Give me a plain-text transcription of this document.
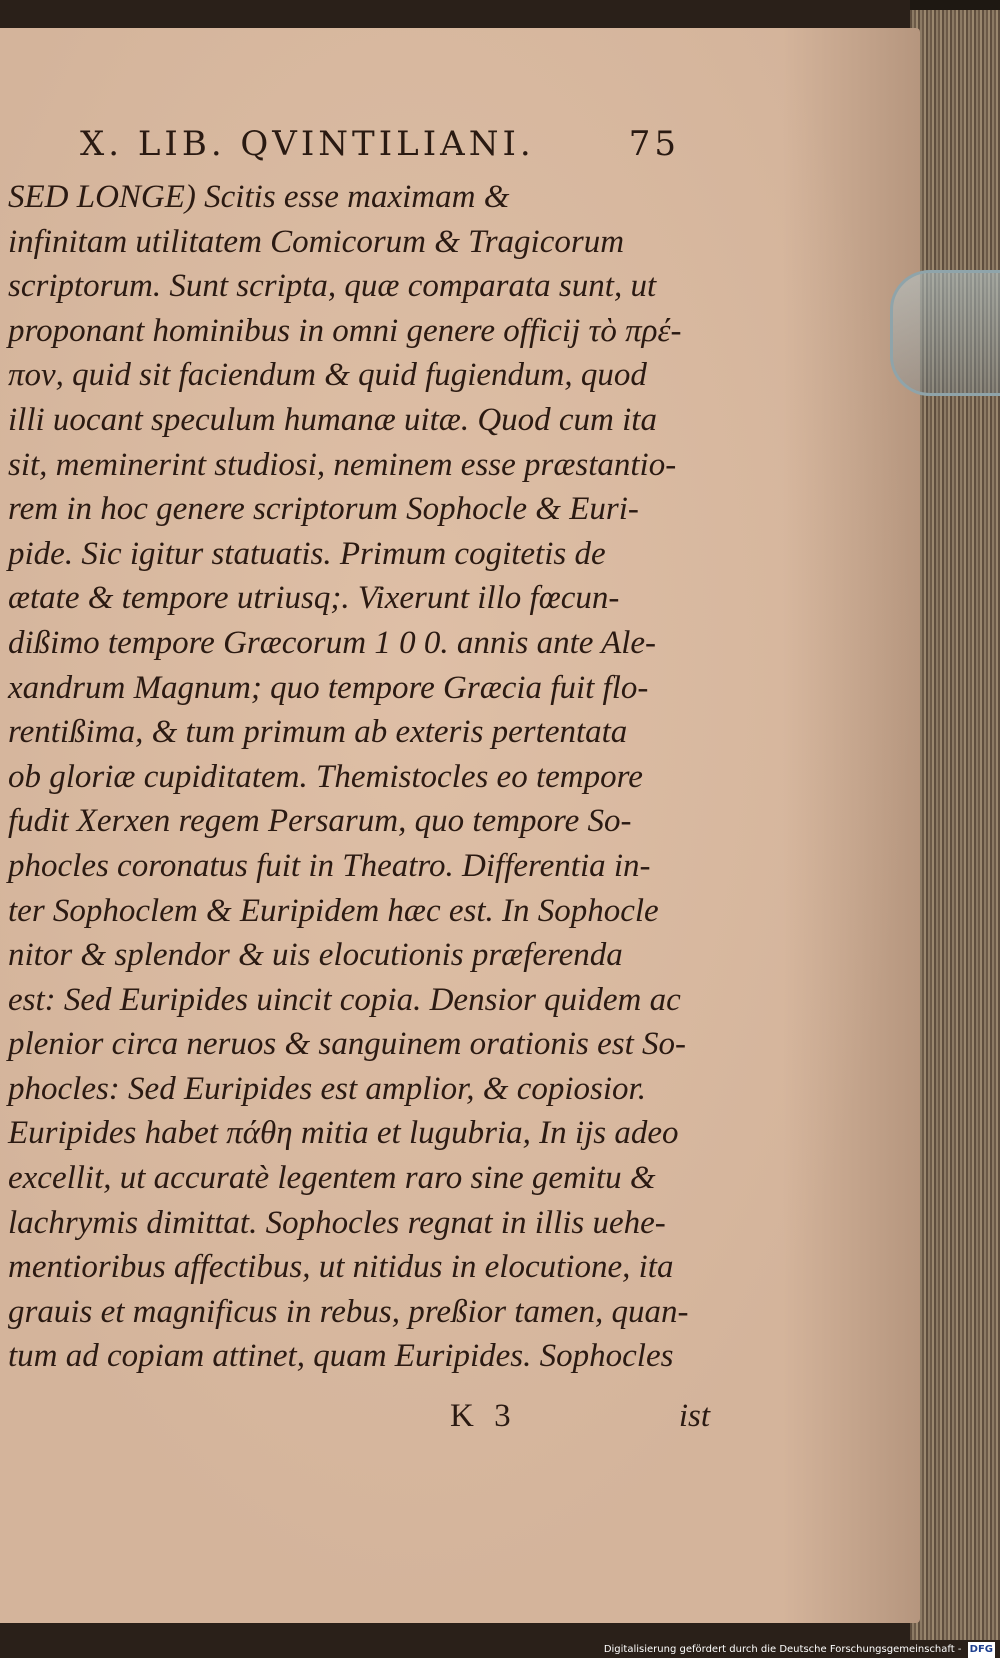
X. LIB. QVINTILIANI.	75
SED LONGE) Scitis esse maximam &
infinitam utilitatem Comicorum & Tragicorum
scriptorum. Sunt scripta, quæ comparata sunt, ut
proponant hominibus in omni genere officij τὸ πρέ-
πον, quid sit faciendum & quid fugiendum, quod
illi uocant speculum humanæ uitæ. Quod cum ita
sit, meminerint studiosi, neminem esse præstantio-
rem in hoc genere scriptorum Sophocle & Euri-
pide. Sic igitur statuatis. Primum cogitetis de
ætate & tempore utriusq;. Vixerunt illo fœcun-
dißimo tempore Græcorum 1 0 0. annis ante Ale-
xandrum Magnum; quo tempore Græcia fuit flo-
rentißima, & tum primum ab exteris pertentata
ob gloriæ cupiditatem. Themistocles eo tempore
fudit Xerxen regem Persarum, quo tempore So-
phocles coronatus fuit in Theatro. Differentia in-
ter Sophoclem & Euripidem hæc est. In Sophocle
nitor & splendor & uis elocutionis præferenda
est: Sed Euripides uincit copia. Densior quidem ac
plenior circa neruos & sanguinem orationis est So-
phocles: Sed Euripides est amplior, & copiosior.
Euripides habet πάθη mitia et lugubria, In ijs adeo
excellit, ut accuratè legentem raro sine gemitu &
lachrymis dimittat. Sophocles regnat in illis uehe-
mentioribus affectibus, ut nitidus in elocutione, ita
grauis et magnificus in rebus, preßior tamen, quan-
tum ad copiam attinet, quam Euripides. Sophocles
K 3	ist
Digitalisierung gefördert durch die Deutsche Forschungsgemeinschaft - DFG
